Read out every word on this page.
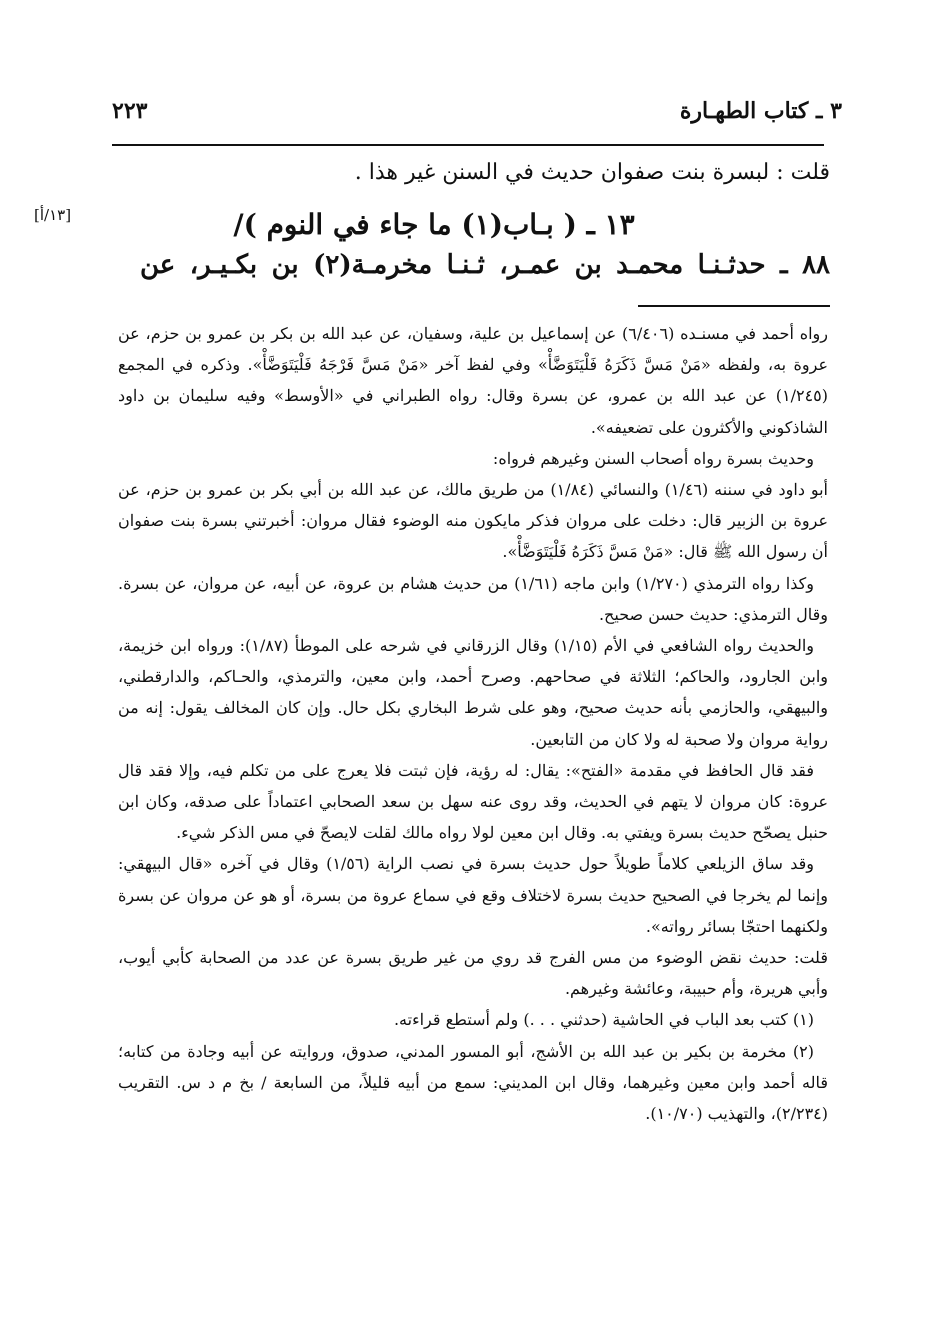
٣ ـ كتاب الطهـارة
٢٢٣
[١٣/أ]
قلت : لبسرة بنت صفوان حديث في السنن غير هذا .
١٣ ـ ( بـاب(١) ما جاء في النوم )/
٨٨ ـ حدثـنـا محمـد بن عمـر، ثـنـا مخرمـة(٢) بن بكـيـر، عن

رواه أحمد في مسنـده (٦/٤٠٦) عن إسماعيل بن علية، وسفيان، عن عبد الله بن بكر بن عمرو بن حزم، عن عروة به، ولفظه «مَنْ مَسَّ ذَكَرَهُ فَلْيَتَوَضَّأْ» وفي لفظ آخر «مَنْ مَسَّ فَرْجَهُ فَلْيَتَوَضَّأْ». وذكره في المجمع (١/٢٤٥) عن عبد الله بن عمرو، عن بسرة وقال: رواه الطبراني في «الأوسط» وفيه سليمان بن داود الشاذكوني والأكثرون على تضعيفه».

وحديث بسرة رواه أصحاب السنن وغيرهم فرواه:

أبو داود في سننه (١/٤٦) والنسائي (١/٨٤) من طريق مالك، عن عبد الله بن أبي بكر بن عمرو بن حزم، عن عروة بن الزبير قال: دخلت على مروان فذكر مايكون منه الوضوء فقال مروان: أخبرتني بسرة بنت صفوان أن رسول الله ﷺ قال: «مَنْ مَسَّ ذَكَرَهُ فَلْيَتَوَضَّأْ».

وكذا رواه الترمذي (١/٢٧٠) وابن ماجه (١/٦١) من حديث هشام بن عروة، عن أبيه، عن مروان، عن بسرة. وقال الترمذي: حديث حسن صحيح.

والحديث رواه الشافعي في الأم (١/١٥) وقال الزرقاني في شرحه على الموطأ (١/٨٧): ورواه ابن خزيمة، وابن الجارود، والحاكم؛ الثلاثة في صحاحهم. وصرح أحمد، وابن معين، والترمذي، والحـاكم، والدارقطني، والبيهقي، والحازمي بأنه حديث صحيح، وهو على شرط البخاري بكل حال. وإن كان المخالف يقول: إنه من رواية مروان ولا صحبة له ولا كان من التابعين.

فقد قال الحافظ في مقدمة «الفتح»: يقال: له رؤية، فإن ثبتت فلا يعرج على من تكلم فيه، وإلا فقد قال عروة: كان مروان لا يتهم في الحديث، وقد روى عنه سهل بن سعد الصحابي اعتماداً على صدقه، وكان ابن حنبل يصحّح حديث بسرة ويفتي به. وقال ابن معين لولا رواه مالك لقلت لايصحّ في مس الذكر شيء.

وقد ساق الزيلعي كلاماً طويلاً حول حديث بسرة في نصب الراية (١/٥٦) وقال في آخره «قال البيهقي: وإنما لم يخرجا في الصحيح حديث بسرة لاختلاف وقع في سماع عروة من بسرة، أو هو عن مروان عن بسرة ولكنهما احتجّا بسائر رواته».

قلت: حديث نقض الوضوء من مس الفرج قد روي من غير طريق بسرة عن عدد من الصحابة كأبي أيوب، وأبي هريرة، وأم حبيبة، وعائشة وغيرهم.

(١) كتب بعد الباب في الحاشية (حدثني . . .) ولم أستطع قراءته.

(٢) مخرمة بن بكير بن عبد الله بن الأشج، أبو المسور المدني، صدوق، وروايته عن أبيه وجادة من كتابه؛ قاله أحمد وابن معين وغيرهما، وقال ابن المديني: سمع من أبيه قليلاً، من السابعة / بخ م د س. التقريب (٢/٢٣٤)، والتهذيب (١٠/٧٠).
